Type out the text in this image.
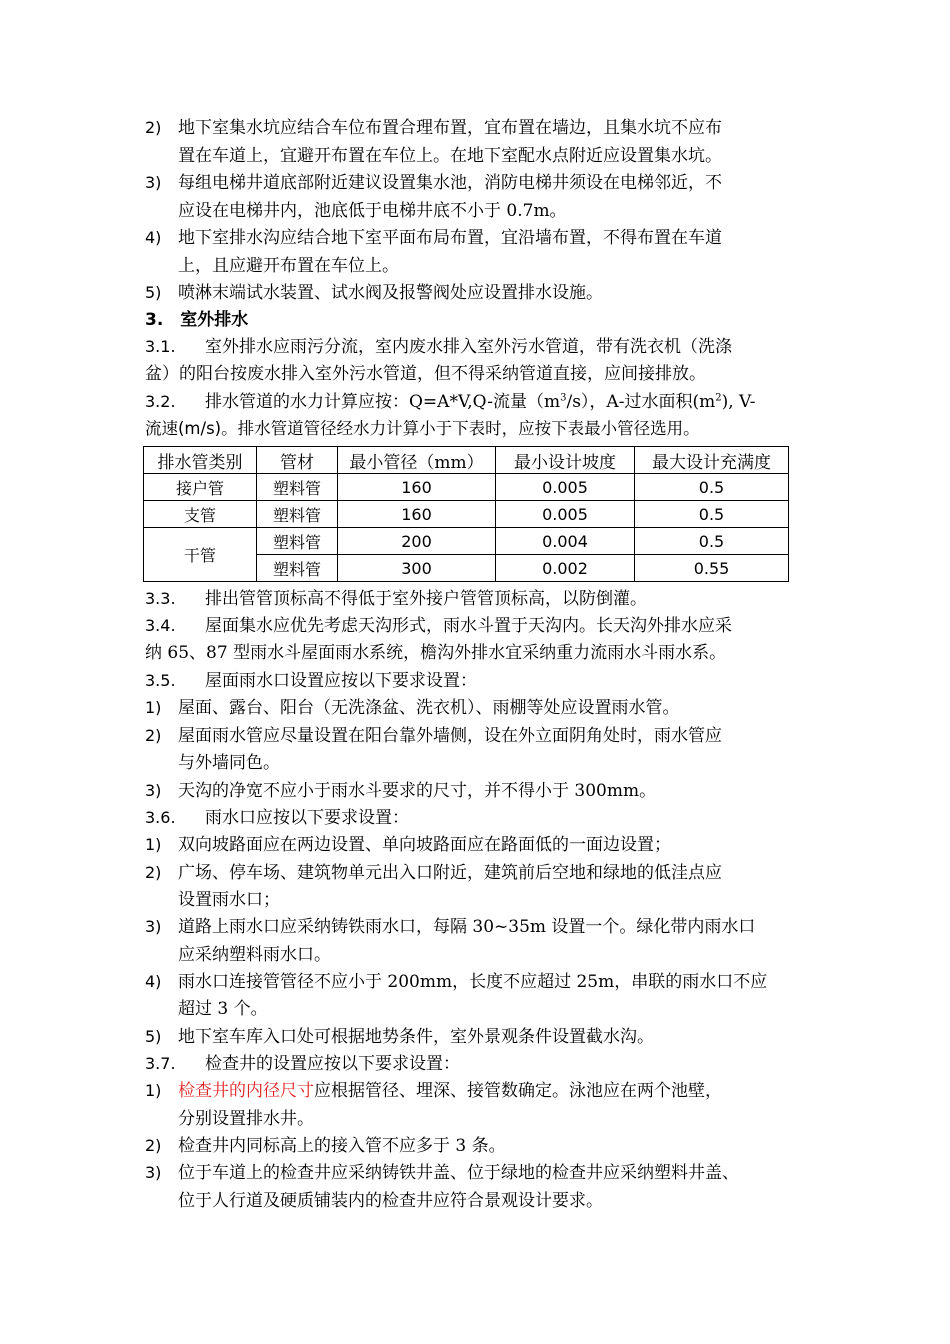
2) 地下室集水坑应结合车位布置合理布置，宜布置在墙边，且集水坑不应布
置在车道上，宜避开布置在车位上。在地下室配水点附近应设置集水坑。
3) 每组电梯井道底部附近建议设置集水池，消防电梯井须设在电梯邻近，不
应设在电梯井内，池底低于电梯井底不小于 0.7m。
4) 地下室排水沟应结合地下室平面布局布置，宜沿墙布置，不得布置在车道
上，且应避开布置在车位上。
5) 喷淋末端试水装置、试水阀及报警阀处应设置排水设施。
3.　室外排水
3.1. 室外排水应雨污分流，室内废水排入室外污水管道，带有洗衣机（洗涤
盆）的阳台按废水排入室外污水管道，但不得采纳管道直接，应间接排放。
3.2. 排水管道的水力计算应按：Q=A*V,Q-流量$(m^3/s)$，A-过水面积$(m^2)$, V-
流速(m/s)。排水管道管径经水力计算小于下表时，应按下表最小管径选用。
排水管类别	管材	最小管径（mm）	最小设计坡度	最大设计充满度
接户管	塑料管	160	0.005	0.5
支管	塑料管	160	0.005	0.5
干管	塑料管	200	0.004	0.5
	塑料管	300	0.002	0.55
3.3. 排出管管顶标高不得低于室外接户管管顶标高，以防倒灌。
3.4. 屋面集水应优先考虑天沟形式，雨水斗置于天沟内。长天沟外排水应采
纳 65、87 型雨水斗屋面雨水系统，檐沟外排水宜采纳重力流雨水斗雨水系。
3.5. 屋面雨水口设置应按以下要求设置：
1) 屋面、露台、阳台（无洗涤盆、洗衣机）、雨棚等处应设置雨水管。
2) 屋面雨水管应尽量设置在阳台靠外墙侧，设在外立面阴角处时，雨水管应
与外墙同色。
3) 天沟的净宽不应小于雨水斗要求的尺寸，并不得小于 300mm。
3.6. 雨水口应按以下要求设置：
1) 双向坡路面应在两边设置、单向坡路面应在路面低的一面边设置；
2) 广场、停车场、建筑物单元出入口附近，建筑前后空地和绿地的低洼点应
设置雨水口；
3) 道路上雨水口应采纳铸铁雨水口，每隔 30~35m 设置一个。绿化带内雨水口
应采纳塑料雨水口。
4) 雨水口连接管管径不应小于 200mm，长度不应超过 25m，串联的雨水口不应
超过 3 个。
5) 地下室车库入口处可根据地势条件，室外景观条件设置截水沟。
3.7. 检查井的设置应按以下要求设置：
1) 检查井的内径尺寸应根据管径、埋深、接管数确定。泳池应在两个池壁，
分别设置排水井。
2) 检查井内同标高上的接入管不应多于 3 条。
3) 位于车道上的检查井应采纳铸铁井盖、位于绿地的检查井应采纳塑料井盖、
位于人行道及硬质铺装内的检查井应符合景观设计要求。
